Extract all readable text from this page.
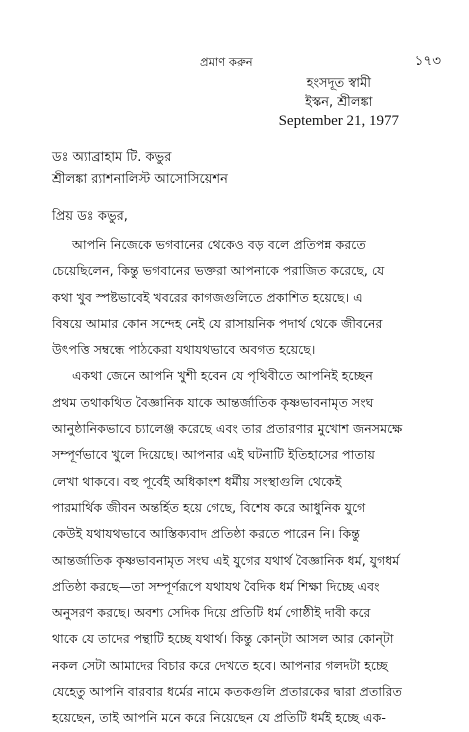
প্রমাণ করুন	১৭৩
হংসদূত স্বামী
ইস্কন, শ্রীলঙ্কা
September 21, 1977
ডঃ অ্যাব্রাহাম টি. কভুর
শ্রীলঙ্কা র‍্যাশনালিস্ট আসোসিয়েশন
প্রিয় ডঃ কভুর,
আপনি নিজেকে ভগবানের থেকেও বড় বলে প্রতিপন্ন করতে
চেয়েছিলেন, কিন্তু ভগবানের ভক্তরা আপনাকে পরাজিত করেছে, যে
কথা খুব স্পষ্টভাবেই খবরের কাগজগুলিতে প্রকাশিত হয়েছে। এ
বিষয়ে আমার কোন সন্দেহ নেই যে রাসায়নিক পদার্থ থেকে জীবনের
উৎপত্তি সম্বন্ধে পাঠকেরা যথাযথভাবে অবগত হয়েছে।
একথা জেনে আপনি খুশী হবেন যে পৃথিবীতে আপনিই হচ্ছেন
প্রথম তথাকথিত বৈজ্ঞানিক যাকে আন্তর্জাতিক কৃষ্ণভাবনামৃত সংঘ
আনুষ্ঠানিকভাবে চ্যালেঞ্জ করেছে এবং তার প্রতারণার মুখোশ জনসমক্ষে
সম্পূর্ণভাবে খুলে দিয়েছে। আপনার এই ঘটনাটি ইতিহাসের পাতায়
লেখা থাকবে। বহু পূর্বেই অধিকাংশ ধর্মীয় সংস্থাগুলি থেকেই
পারমার্থিক জীবন অন্তর্হিত হয়ে গেছে, বিশেষ করে আধুনিক যুগে
কেউই যথাযথভাবে আস্তিক্যবাদ প্রতিষ্ঠা করতে পারেন নি। কিন্তু
আন্তর্জাতিক কৃষ্ণভাবনামৃত সংঘ এই যুগের যথার্থ বৈজ্ঞানিক ধর্ম, যুগধর্ম
প্রতিষ্ঠা করছে—তা সম্পূর্ণরূপে যথাযথ বৈদিক ধর্ম শিক্ষা দিচ্ছে এবং
অনুসরণ করছে। অবশ্য সেদিক দিয়ে প্রতিটি ধর্ম গোষ্ঠীই দাবী করে
থাকে যে তাদের পন্থাটি হচ্ছে যথার্থ। কিন্তু কোন্‌টা আসল আর কোন্‌টা
নকল সেটা আমাদের বিচার করে দেখতে হবে। আপনার গলদটা হচ্ছে
যেহেতু আপনি বারবার ধর্মের নামে কতকগুলি প্রতারকের দ্বারা প্রতারিত
হয়েছেন, তাই আপনি মনে করে নিয়েছেন যে প্রতিটি ধর্মই হচ্ছে এক-
